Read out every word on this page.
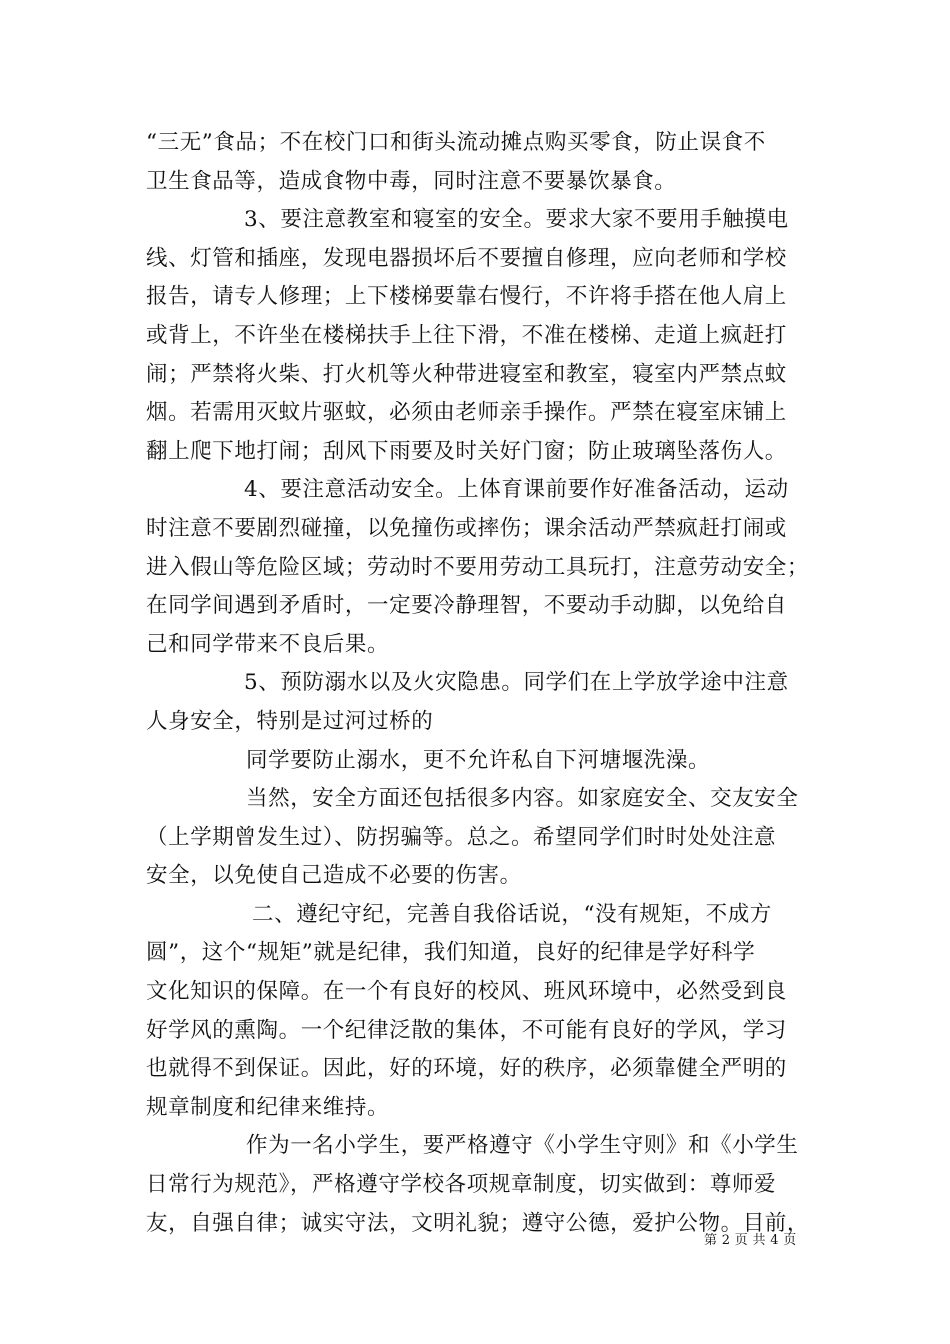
“三无”食品；不在校门口和街头流动摊点购买零食，防止误食不
卫生食品等，造成食物中毒，同时注意不要暴饮暴食。
3、要注意教室和寝室的安全。要求大家不要用手触摸电
线、灯管和插座，发现电器损坏后不要擅自修理，应向老师和学校
报告，请专人修理；上下楼梯要靠右慢行，不许将手搭在他人肩上
或背上，不许坐在楼梯扶手上往下滑，不准在楼梯、走道上疯赶打
闹；严禁将火柴、打火机等火种带进寝室和教室，寝室内严禁点蚊
烟。若需用灭蚊片驱蚊，必须由老师亲手操作。严禁在寝室床铺上
翻上爬下地打闹；刮风下雨要及时关好门窗；防止玻璃坠落伤人。
4、要注意活动安全。上体育课前要作好准备活动，运动
时注意不要剧烈碰撞，以免撞伤或摔伤；课余活动严禁疯赶打闹或
进入假山等危险区域；劳动时不要用劳动工具玩打，注意劳动安全；
在同学间遇到矛盾时，一定要冷静理智，不要动手动脚，以免给自
己和同学带来不良后果。
5、预防溺水以及火灾隐患。同学们在上学放学途中注意
人身安全，特别是过河过桥的
同学要防止溺水，更不允许私自下河塘堰洗澡。
当然，安全方面还包括很多内容。如家庭安全、交友安全
（上学期曾发生过）、防拐骗等。总之。希望同学们时时处处注意
安全，以免使自己造成不必要的伤害。
二、遵纪守纪，完善自我俗话说，“没有规矩，不成方
圆”，这个“规矩”就是纪律，我们知道，良好的纪律是学好科学
文化知识的保障。在一个有良好的校风、班风环境中，必然受到良
好学风的熏陶。一个纪律泛散的集体，不可能有良好的学风，学习
也就得不到保证。因此，好的环境，好的秩序，必须靠健全严明的
规章制度和纪律来维持。
作为一名小学生，要严格遵守《小学生守则》和《小学生
日常行为规范》，严格遵守学校各项规章制度，切实做到：尊师爱
友，自强自律；诚实守法，文明礼貌；遵守公德，爱护公物。目前，
第 2 页 共 4 页
